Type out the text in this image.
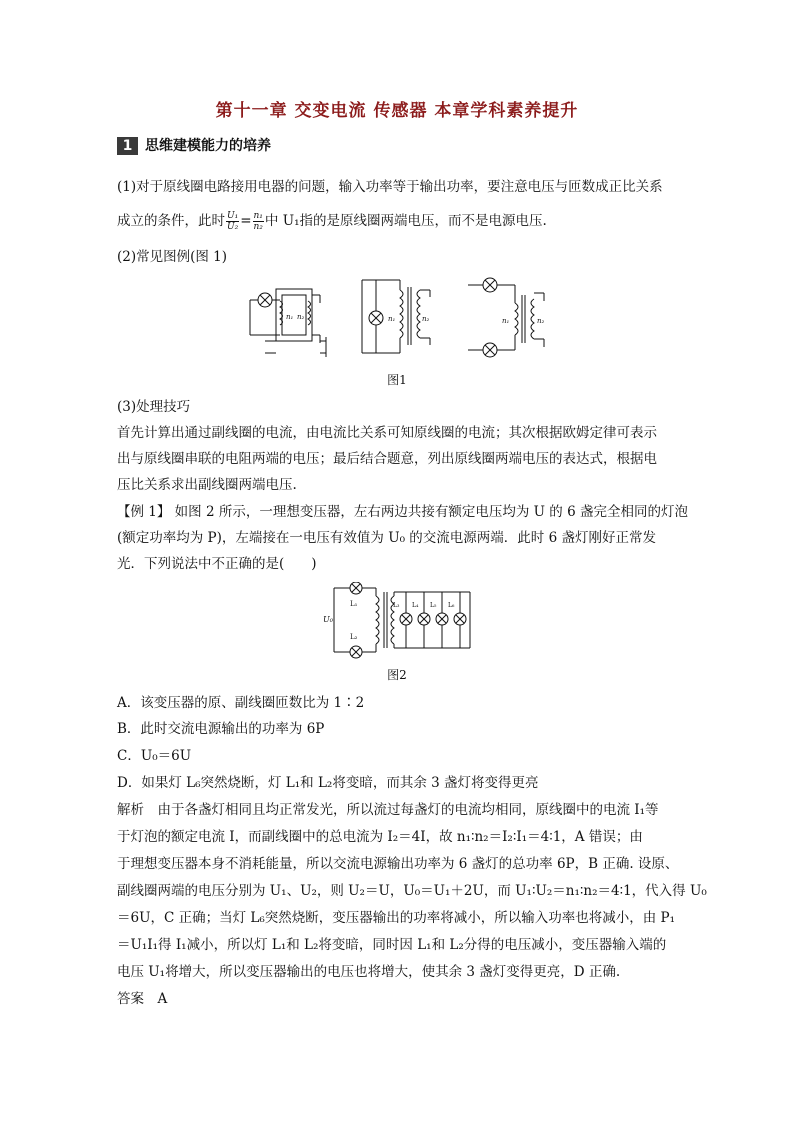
第十一章 交变电流 传感器 本章学科素养提升
1 思维建模能力的培养
(1)对于原线圈电路接用电器的问题，输入功率等于输出功率，要注意电压与匝数成正比关系
成立的条件，此时 $\frac{\text{U₁}}{\text{U₂}} = \frac{\text{n₁}}{\text{n₂}}$ 中 U₁指的是原线圈两端电压，而不是电源电压.
(2)常见图例(图 1)
n₁ n₂	n₁	n₂	n₁	n₂
图1
(3)处理技巧
首先计算出通过副线圈的电流，由电流比关系可知原线圈的电流；其次根据欧姆定律可表示
出与原线圈串联的电阻两端的电压；最后结合题意，列出原线圈两端电压的表达式，根据电
压比关系求出副线圈两端电压.
【例 1】 如图 2 所示，一理想变压器，左右两边共接有额定电压均为 U 的 6 盏完全相同的灯泡
(额定功率均为 P)，左端接在一电压有效值为 U₀ 的交流电源两端．此时 6 盏灯刚好正常发
光．下列说法中不正确的是(　　)
U₀
L₁
L₂
L₃ L₄ L₅ L₆
图2
A．该变压器的原、副线圈匝数比为 1∶2
B．此时交流电源输出的功率为 6P
C．U₀＝6U
D．如果灯 L₆突然烧断，灯 L₁和 L₂将变暗，而其余 3 盏灯将变得更亮
解析　由于各盏灯相同且均正常发光，所以流过每盏灯的电流均相同，原线圈中的电流 I₁等
于灯泡的额定电流 I，而副线圈中的总电流为 I₂＝4I，故 n₁∶n₂＝I₂∶I₁＝4∶1，A 错误；由
于理想变压器本身不消耗能量，所以交流电源输出功率为 6 盏灯的总功率 6P，B 正确. 设原、
副线圈两端的电压分别为 U₁、U₂，则 U₂＝U，U₀＝U₁＋2U，而 U₁∶U₂＝n₁∶n₂＝4∶1，代入得 U₀
＝6U，C 正确；当灯 L₆突然烧断，变压器输出的功率将减小，所以输入功率也将减小，由 P₁
＝U₁I₁得 I₁减小，所以灯 L₁和 L₂将变暗，同时因 L₁和 L₂分得的电压减小，变压器输入端的
电压 U₁将增大，所以变压器输出的电压也将增大，使其余 3 盏灯变得更亮，D 正确.
答案　A
